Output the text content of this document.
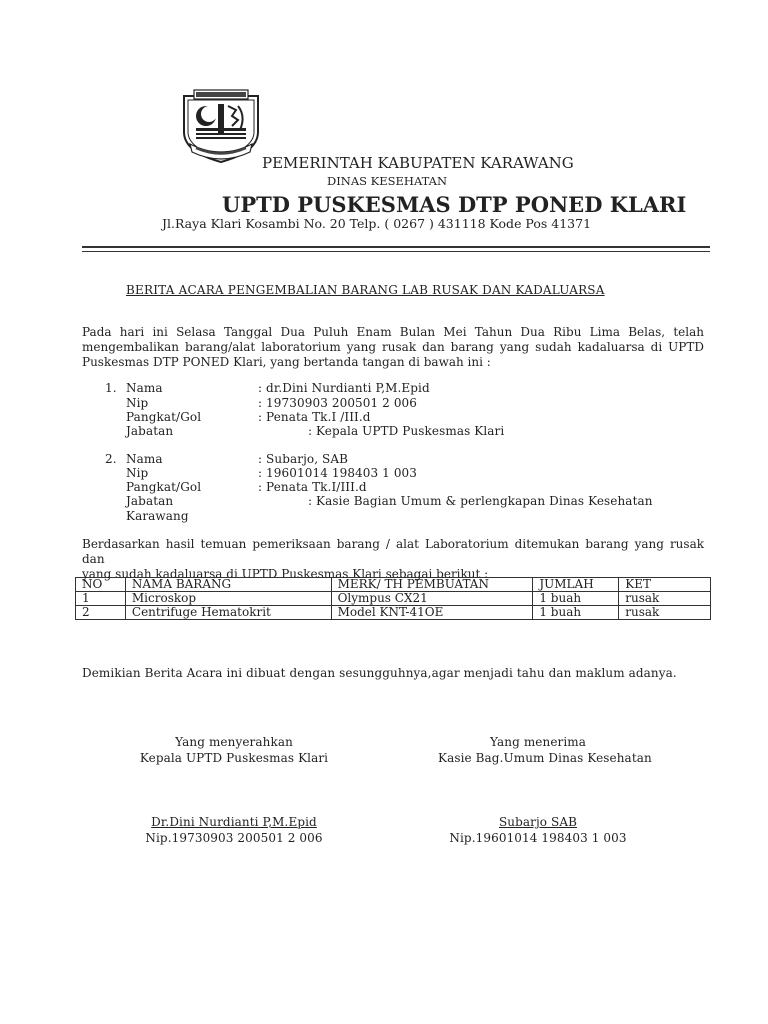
PEMERINTAH KABUPATEN KARAWANG
DINAS KESEHATAN
UPTD PUSKESMAS DTP PONED KLARI
Jl.Raya Klari Kosambi No. 20 Telp. ( 0267 ) 431118 Kode Pos 41371
BERITA ACARA PENGEMBALIAN BARANG LAB RUSAK DAN KADALUARSA
Pada hari ini Selasa Tanggal Dua Puluh Enam Bulan Mei Tahun Dua Ribu Lima Belas, telah
mengembalikan barang/alat laboratorium yang rusak dan barang yang sudah kadaluarsa di UPTD
Puskesmas DTP PONED Klari, yang bertanda tangan di bawah ini :
1. Nama	: dr.Dini Nurdianti P,M.Epid
Nip	: 19730903 200501 2 006
Pangkat/Gol	: Penata Tk.I /III.d
Jabatan	: Kepala UPTD Puskesmas Klari
2. Nama	: Subarjo, SAB
Nip	: 19601014 198403 1 003
Pangkat/Gol	: Penata Tk.I/III.d
Jabatan	: Kasie Bagian Umum & perlengkapan Dinas Kesehatan
Karawang
Berdasarkan hasil temuan pemeriksaan barang / alat Laboratorium ditemukan barang yang rusak dan
yang sudah kadaluarsa di UPTD Puskesmas Klari sebagai berikut :
NO	NAMA BARANG	MERK/ TH PEMBUATAN	JUMLAH	KET
1	Microskop	Olympus CX21	1 buah	rusak
2	Centrifuge Hematokrit	Model KNT-41OE	1 buah	rusak
Demikian Berita Acara ini dibuat dengan sesungguhnya,agar menjadi tahu dan maklum adanya.
Yang menyerahkan
Kepala UPTD Puskesmas Klari
Dr.Dini Nurdianti P,M.Epid
Nip.19730903 200501 2 006
Yang menerima
Kasie Bag.Umum Dinas Kesehatan
Subarjo SAB
Nip.19601014 198403 1 003
